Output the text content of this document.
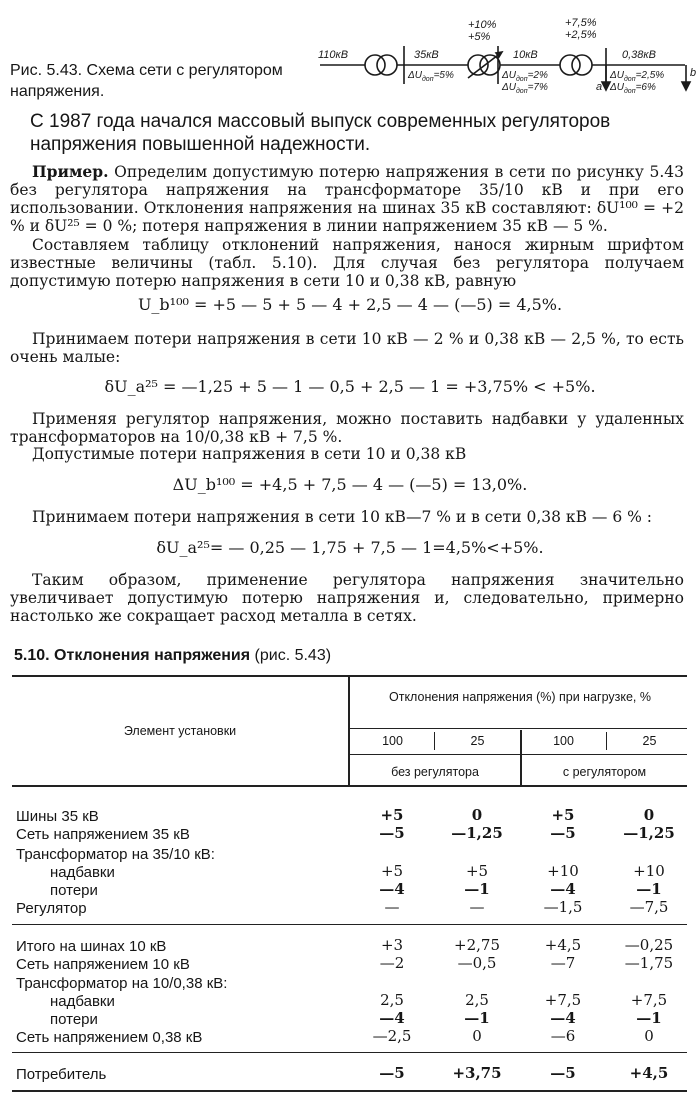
110кВ	35кВ	10кВ	0,38кВ
+10%
+5%
+7,5%
+2,5%
$\Delta U_{доп}=5\%$	$\Delta U_{доп}=2\%$
$\Delta U_{доп}=7\%$
$\Delta U_{доп}=2,5\%$
$\Delta U_{доп}=6\%$
a
b
Рис. 5.43. Схема сети с регулятором напряжения.
С 1987 года начался массовый выпуск современных регуляторов напряжения повышенной надежности.
Пример. Определим допустимую потерю напряжения в сети по рисунку 5.43 без регулятора напряжения на трансформаторе 35/10 кВ и при его использовании. Отклонения напряжения на шинах 35 кВ составляют: δU¹⁰⁰ = +2 % и δU²⁵ = 0 %; потеря напряжения в линии напряжением 35 кВ — 5 %.
Составляем таблицу отклонений напряжения, нанося жирным шрифтом известные величины (табл. 5.10). Для случая без регулятора получаем допустимую потерю напряжения в сети 10 и 0,38 кВ, равную
U_b¹⁰⁰ = +5 — 5 + 5 — 4 + 2,5 — 4 — (—5) = 4,5%.
Принимаем потери напряжения в сети 10 кВ — 2 % и 0,38 кВ — 2,5 %, то есть очень малые:
δU_a²⁵ = —1,25 + 5 — 1 — 0,5 + 2,5 — 1 = +3,75% < +5%.
Применяя регулятор напряжения, можно поставить надбавки у удаленных трансформаторов на 10/0,38 кВ + 7,5 %.
Допустимые потери напряжения в сети 10 и 0,38 кВ
ΔU_b¹⁰⁰ = +4,5 + 7,5 — 4 — (—5) = 13,0%.
Принимаем потери напряжения в сети 10 кВ—7 % и в сети 0,38 кВ — 6 % :
δU_a²⁵= — 0,25 — 1,75 + 7,5 — 1=4,5%<+5%.
Таким образом, применение регулятора напряжения значительно увеличивает допустимую потерю напряжения и, следовательно, примерно настолько же сокращает расход металла в сетях.
5.10. Отклонения напряжения (рис. 5.43)
Элемент установки
Отклонения напряжения (%) при нагрузке, %
100	25	100	25
без регулятора	с регулятором
Шины 35 кВ	+5	0	+5	0
Сеть напряжением 35 кВ	—5	—1,25	—5	—1,25
Трансформатор на 35/10 кВ:
надбавки	+5	+5	+10	+10
потери	—4	—1	—4	—1
Регулятор	—	—	—1,5	—7,5
Итого на шинах 10 кВ	+3	+2,75	+4,5	—0,25
Сеть напряжением 10 кВ	—2	—0,5	—7	—1,75
Трансформатор на 10/0,38 кВ:
надбавки	2,5	2,5	+7,5	+7,5
потери	—4	—1	—4	—1
Сеть напряжением 0,38 кВ	—2,5	0	—6	0
Потребитель	—5	+3,75	—5	+4,5
